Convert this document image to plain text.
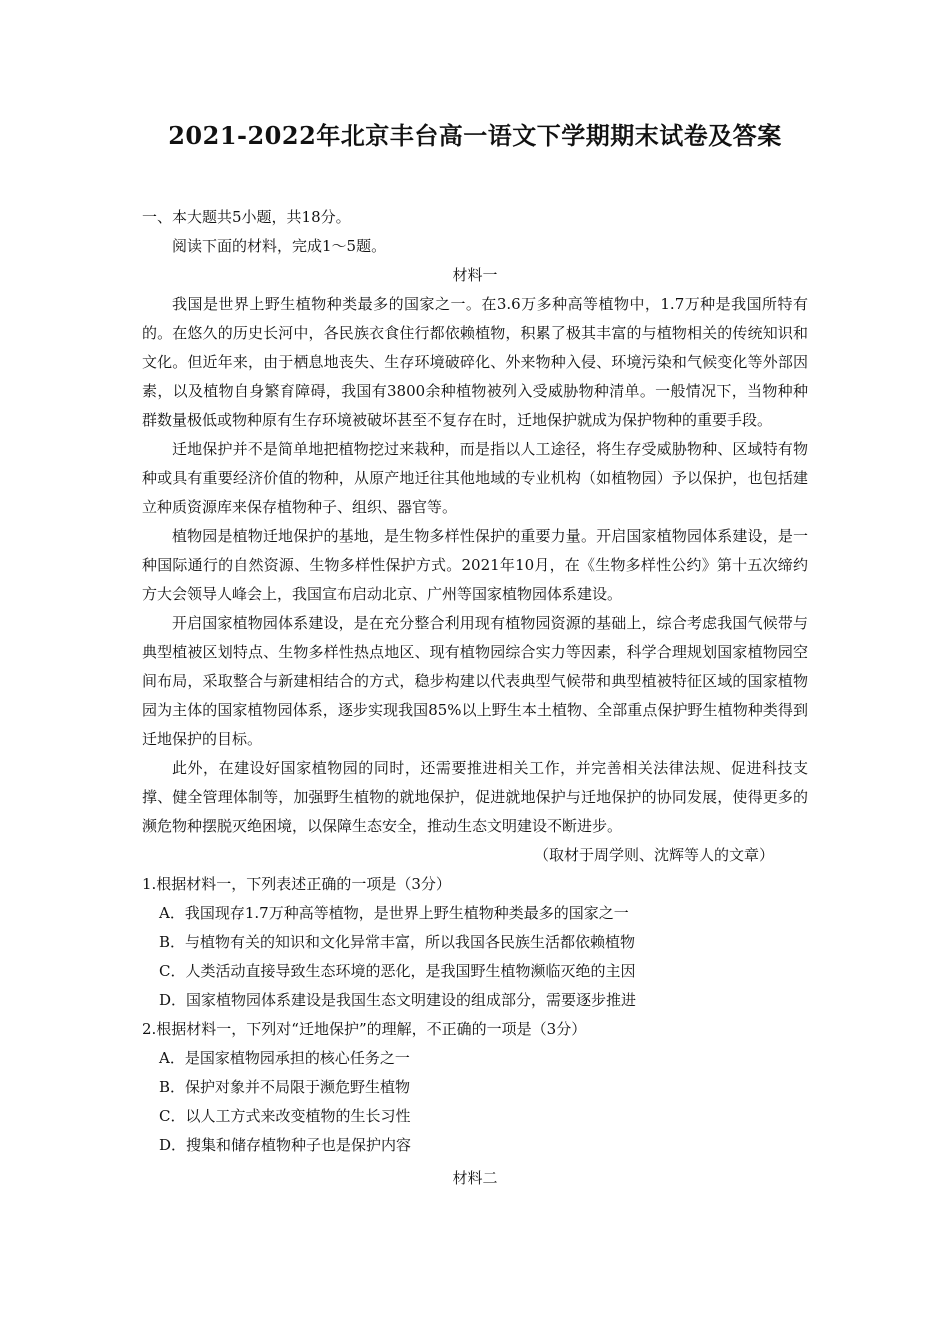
2021-2022年北京丰台高一语文下学期期末试卷及答案

一、本大题共5小题，共18分。

阅读下面的材料，完成1～5题。

材料一

我国是世界上野生植物种类最多的国家之一。在3.6万多种高等植物中，1.7万种是我国所特有的。在悠久的历史长河中，各民族衣食住行都依赖植物，积累了极其丰富的与植物相关的传统知识和文化。但近年来，由于栖息地丧失、生存环境破碎化、外来物种入侵、环境污染和气候变化等外部因素，以及植物自身繁育障碍，我国有3800余种植物被列入受威胁物种清单。一般情况下，当物种种群数量极低或物种原有生存环境被破坏甚至不复存在时，迁地保护就成为保护物种的重要手段。

迁地保护并不是简单地把植物挖过来栽种，而是指以人工途径，将生存受威胁物种、区域特有物种或具有重要经济价值的物种，从原产地迁往其他地域的专业机构（如植物园）予以保护，也包括建立种质资源库来保存植物种子、组织、器官等。

植物园是植物迁地保护的基地，是生物多样性保护的重要力量。开启国家植物园体系建设，是一种国际通行的自然资源、生物多样性保护方式。2021年10月，在《生物多样性公约》第十五次缔约方大会领导人峰会上，我国宣布启动北京、广州等国家植物园体系建设。

开启国家植物园体系建设，是在充分整合利用现有植物园资源的基础上，综合考虑我国气候带与典型植被区划特点、生物多样性热点地区、现有植物园综合实力等因素，科学合理规划国家植物园空间布局，采取整合与新建相结合的方式，稳步构建以代表典型气候带和典型植被特征区域的国家植物园为主体的国家植物园体系，逐步实现我国85%以上野生本土植物、全部重点保护野生植物种类得到迁地保护的目标。

此外，在建设好国家植物园的同时，还需要推进相关工作，并完善相关法律法规、促进科技支撑、健全管理体制等，加强野生植物的就地保护，促进就地保护与迁地保护的协同发展，使得更多的濒危物种摆脱灭绝困境，以保障生态安全，推动生态文明建设不断进步。

（取材于周学则、沈辉等人的文章）

1.根据材料一，下列表述正确的一项是（3分）

A．我国现存1.7万种高等植物，是世界上野生植物种类最多的国家之一

B．与植物有关的知识和文化异常丰富，所以我国各民族生活都依赖植物

C．人类活动直接导致生态环境的恶化，是我国野生植物濒临灭绝的主因

D．国家植物园体系建设是我国生态文明建设的组成部分，需要逐步推进

2.根据材料一，下列对“迁地保护”的理解，不正确的一项是（3分）

A．是国家植物园承担的核心任务之一

B．保护对象并不局限于濒危野生植物

C．以人工方式来改变植物的生长习性

D．搜集和储存植物种子也是保护内容

材料二
